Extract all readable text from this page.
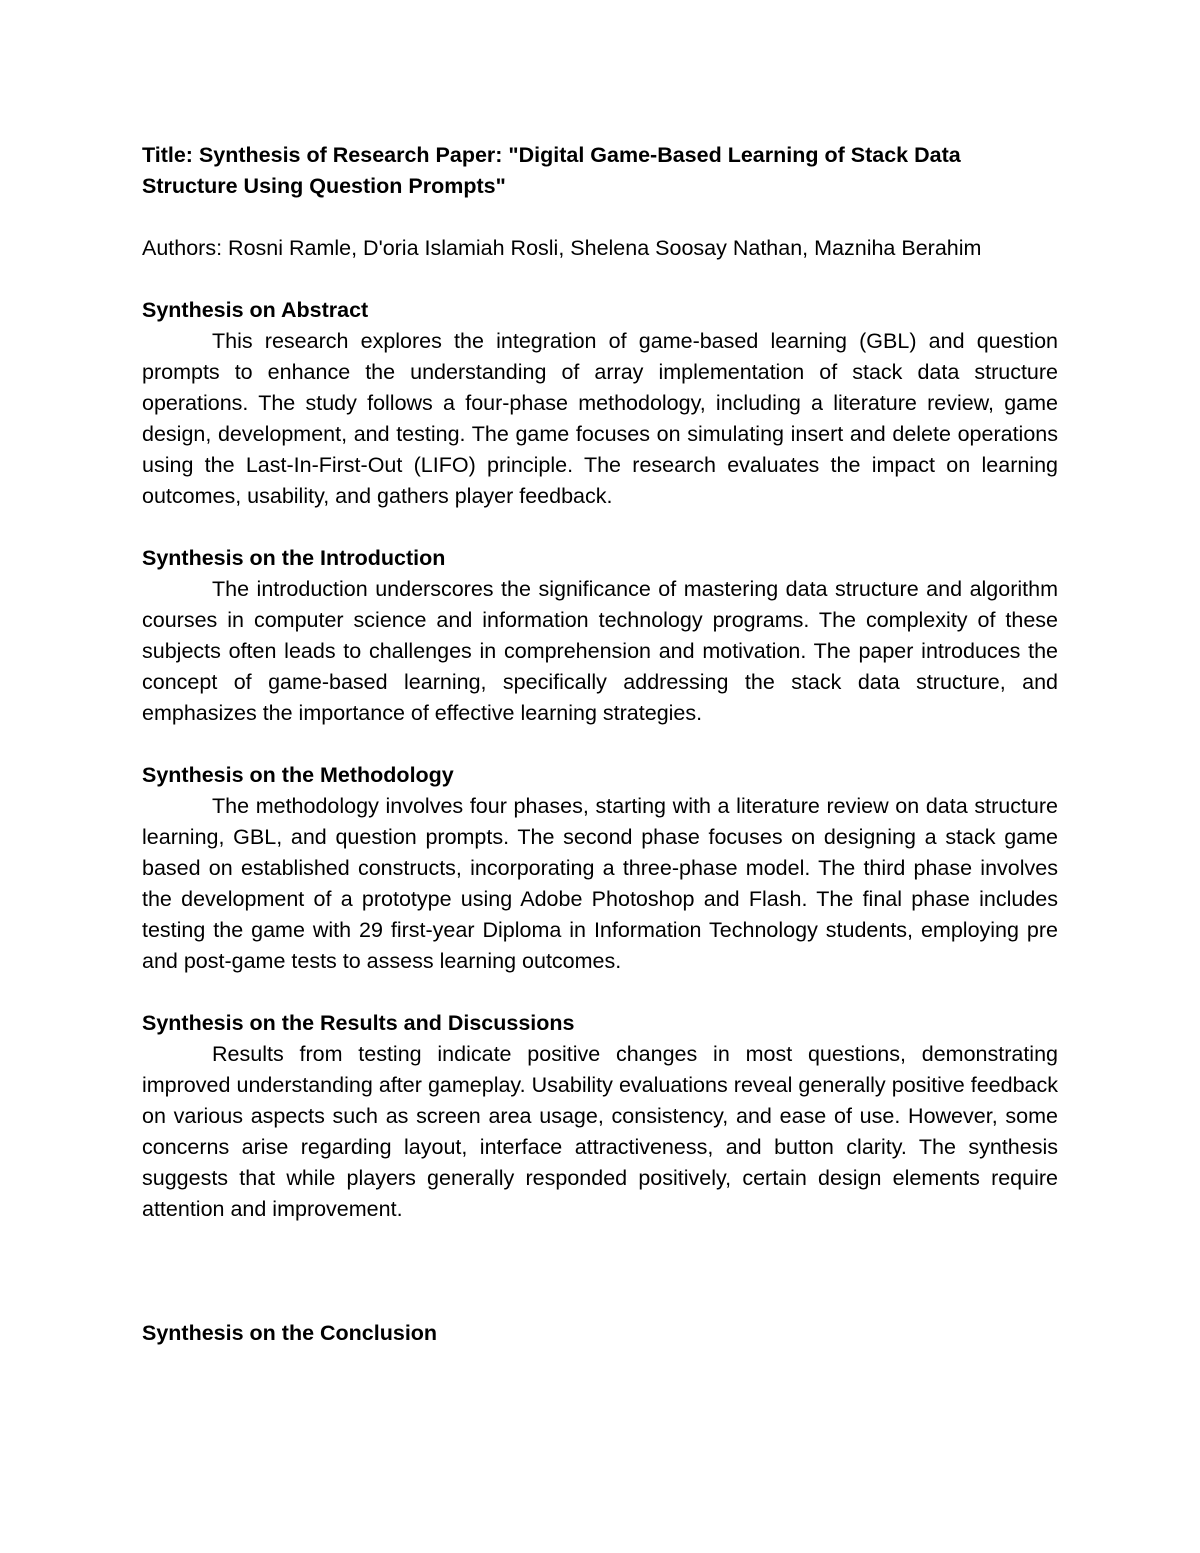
Title: Synthesis of Research Paper: "Digital Game-Based Learning of Stack Data Structure Using Question Prompts"

Authors: Rosni Ramle, D'oria Islamiah Rosli, Shelena Soosay Nathan, Mazniha Berahim

Synthesis on Abstract

This research explores the integration of game-based learning (GBL) and question prompts to enhance the understanding of array implementation of stack data structure operations. The study follows a four-phase methodology, including a literature review, game design, development, and testing. The game focuses on simulating insert and delete operations using the Last-In-First-Out (LIFO) principle. The research evaluates the impact on learning outcomes, usability, and gathers player feedback.

Synthesis on the Introduction

The introduction underscores the significance of mastering data structure and algorithm courses in computer science and information technology programs. The complexity of these subjects often leads to challenges in comprehension and motivation. The paper introduces the concept of game-based learning, specifically addressing the stack data structure, and emphasizes the importance of effective learning strategies.

Synthesis on the Methodology

The methodology involves four phases, starting with a literature review on data structure learning, GBL, and question prompts. The second phase focuses on designing a stack game based on established constructs, incorporating a three-phase model. The third phase involves the development of a prototype using Adobe Photoshop and Flash. The final phase includes testing the game with 29 first-year Diploma in Information Technology students, employing pre and post-game tests to assess learning outcomes.

Synthesis on the Results and Discussions

Results from testing indicate positive changes in most questions, demonstrating improved understanding after gameplay. Usability evaluations reveal generally positive feedback on various aspects such as screen area usage, consistency, and ease of use. However, some concerns arise regarding layout, interface attractiveness, and button clarity. The synthesis suggests that while players generally responded positively, certain design elements require attention and improvement.

Synthesis on the Conclusion
